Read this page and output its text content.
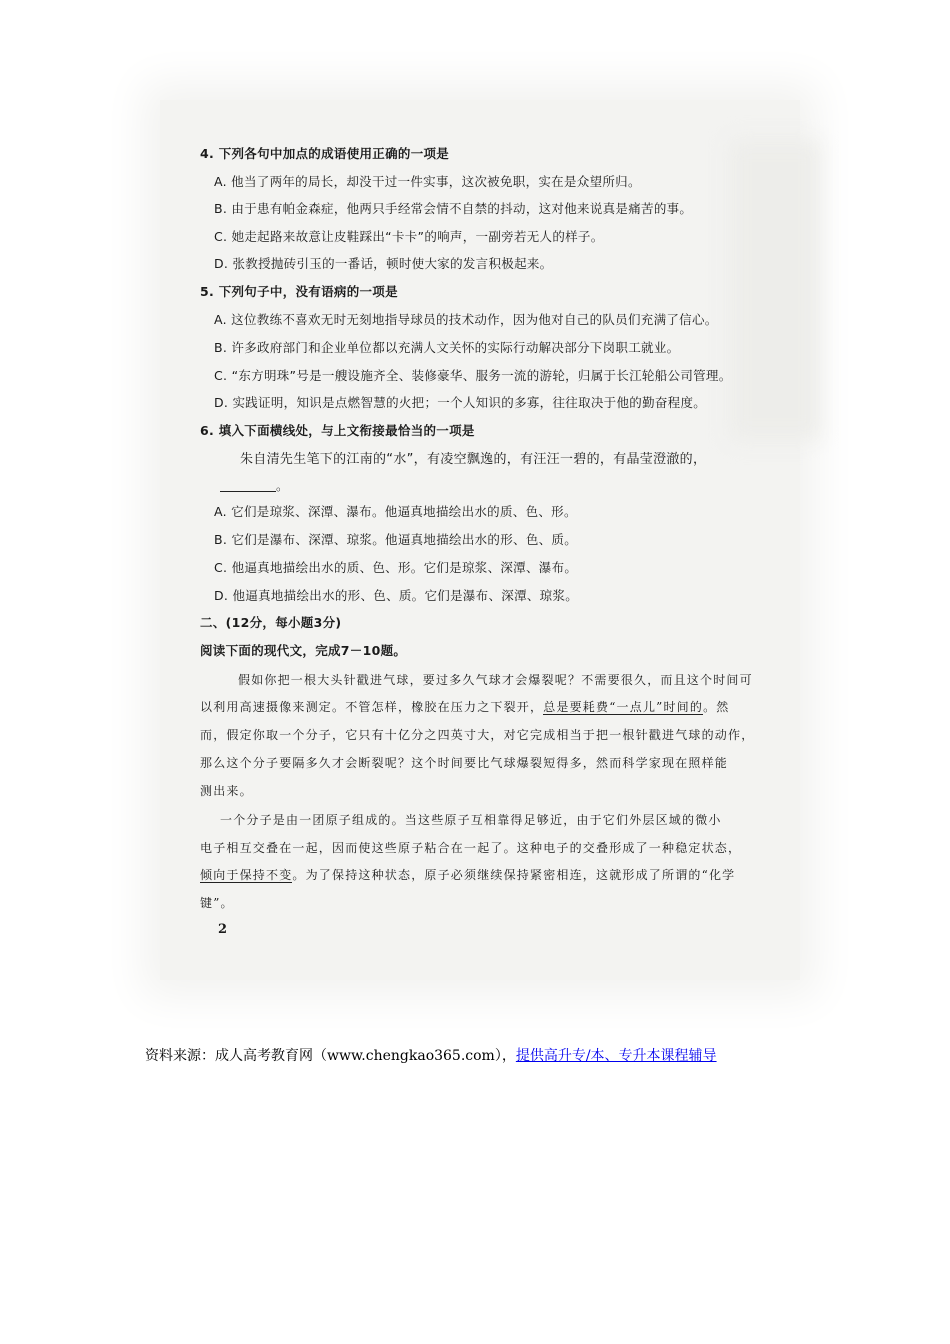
4. 下列各句中加点的成语使用正确的一项是
A. 他当了两年的局长，却没干过一件实事，这次被免职，实在是众望所归。
B. 由于患有帕金森症，他两只手经常会情不自禁的抖动，这对他来说真是痛苦的事。
C. 她走起路来故意让皮鞋踩出“卡卡”的响声，一副旁若无人的样子。
D. 张教授抛砖引玉的一番话，顿时使大家的发言积极起来。
5. 下列句子中，没有语病的一项是
A. 这位教练不喜欢无时无刻地指导球员的技术动作，因为他对自己的队员们充满了信心。
B. 许多政府部门和企业单位都以充满人文关怀的实际行动解决部分下岗职工就业。
C. “东方明珠”号是一艘设施齐全、装修豪华、服务一流的游轮，归属于长江轮船公司管理。
D. 实践证明，知识是点燃智慧的火把；一个人知识的多寡，往往取决于他的勤奋程度。
6. 填入下面横线处，与上文衔接最恰当的一项是
朱自清先生笔下的江南的“水”，有凌空飘逸的，有汪汪一碧的，有晶莹澄澈的，
。
A. 它们是琼浆、深潭、瀑布。他逼真地描绘出水的质、色、形。
B. 它们是瀑布、深潭、琼浆。他逼真地描绘出水的形、色、质。
C. 他逼真地描绘出水的质、色、形。它们是琼浆、深潭、瀑布。
D. 他逼真地描绘出水的形、色、质。它们是瀑布、深潭、琼浆。
二、(12分，每小题3分)
阅读下面的现代文，完成7－10题。
假如你把一根大头针戳进气球，要过多久气球才会爆裂呢？不需要很久，而且这个时间可
以利用高速摄像来测定。不管怎样，橡胶在压力之下裂开，总是要耗费“一点儿”时间的。然
而，假定你取一个分子，它只有十亿分之四英寸大，对它完成相当于把一根针戳进气球的动作，
那么这个分子要隔多久才会断裂呢？这个时间要比气球爆裂短得多，然而科学家现在照样能
测出来。
一个分子是由一团原子组成的。当这些原子互相靠得足够近，由于它们外层区域的微小
电子相互交叠在一起，因而使这些原子粘合在一起了。这种电子的交叠形成了一种稳定状态，
倾向于保持不变。为了保持这种状态，原子必须继续保持紧密相连，这就形成了所谓的“化学
键”。
2
资料来源：成人高考教育网（www.chengkao365.com），提供高升专/本、专升本课程辅导
